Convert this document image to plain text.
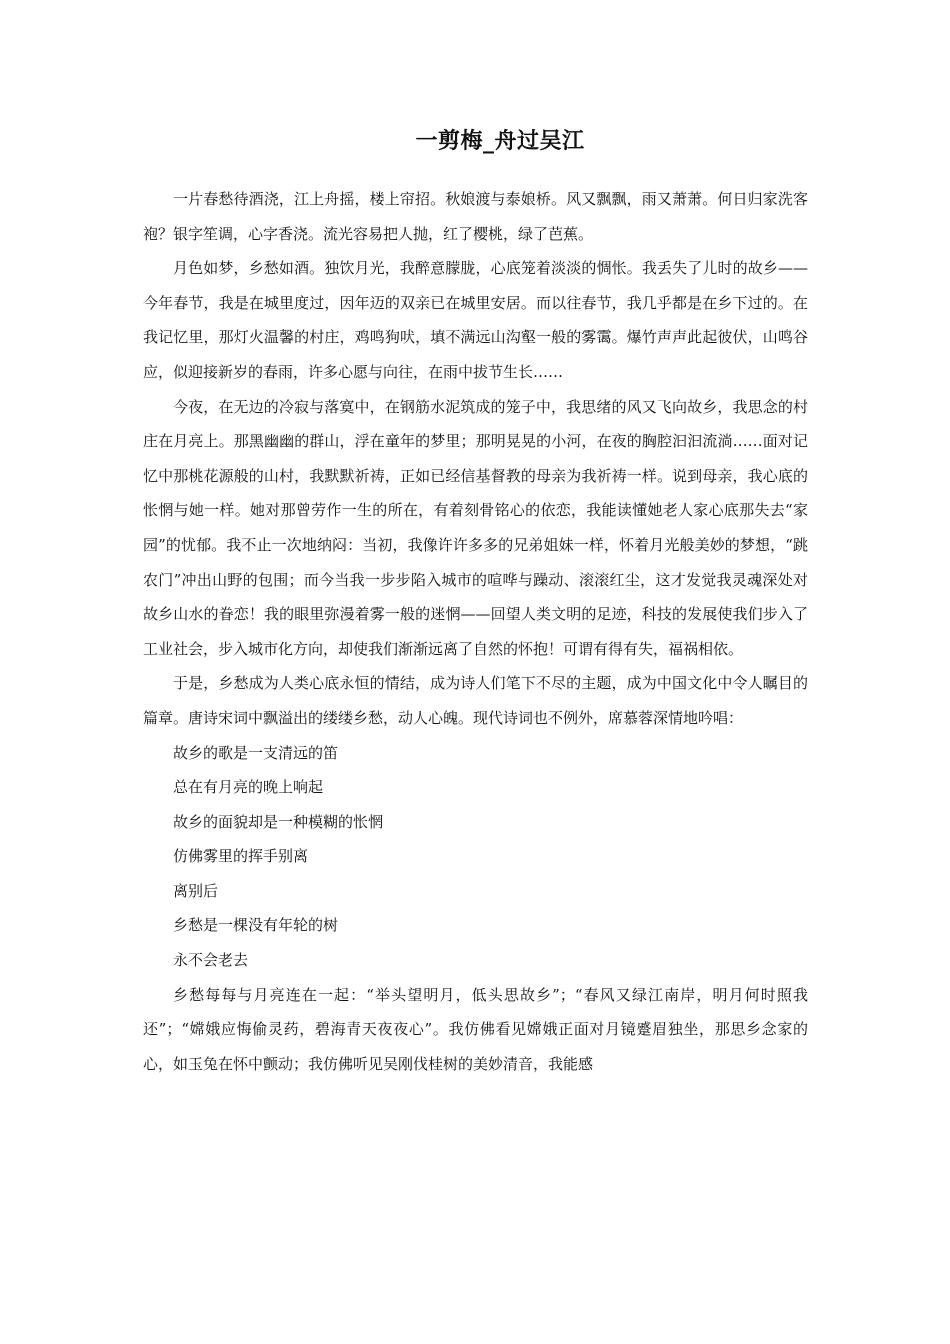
一剪梅_舟过吴江

一片春愁待酒浇，江上舟摇，楼上帘招。秋娘渡与泰娘桥。风又飘飘，雨又萧萧。何日归家洗客袍？银字笙调，心字香浇。流光容易把人抛，红了樱桃，绿了芭蕉。

月色如梦，乡愁如酒。独饮月光，我醉意朦胧，心底笼着淡淡的惆怅。我丢失了儿时的故乡——今年春节，我是在城里度过，因年迈的双亲已在城里安居。而以往春节，我几乎都是在乡下过的。在我记忆里，那灯火温馨的村庄，鸡鸣狗吠，填不满远山沟壑一般的雾霭。爆竹声声此起彼伏，山鸣谷应，似迎接新岁的春雨，许多心愿与向往，在雨中拔节生长……

今夜，在无边的冷寂与落寞中，在钢筋水泥筑成的笼子中，我思绪的风又飞向故乡，我思念的村庄在月亮上。那黑幽幽的群山，浮在童年的梦里；那明晃晃的小河，在夜的胸腔汩汩流淌……面对记忆中那桃花源般的山村，我默默祈祷，正如已经信基督教的母亲为我祈祷一样。说到母亲，我心底的怅惘与她一样。她对那曾劳作一生的所在，有着刻骨铭心的依恋，我能读懂她老人家心底那失去“家园”的忧郁。我不止一次地纳闷：当初，我像许许多多的兄弟姐妹一样，怀着月光般美妙的梦想，“跳农门”冲出山野的包围；而今当我一步步陷入城市的喧哗与躁动、滚滚红尘，这才发觉我灵魂深处对故乡山水的眷恋！我的眼里弥漫着雾一般的迷惘——回望人类文明的足迹，科技的发展使我们步入了工业社会，步入城市化方向，却使我们渐渐远离了自然的怀抱！可谓有得有失，福祸相依。

于是，乡愁成为人类心底永恒的情结，成为诗人们笔下不尽的主题，成为中国文化中令人瞩目的篇章。唐诗宋词中飘溢出的缕缕乡愁，动人心魄。现代诗词也不例外，席慕蓉深情地吟唱：

故乡的歌是一支清远的笛

总在有月亮的晚上响起

故乡的面貌却是一种模糊的怅惘

仿佛雾里的挥手别离

离别后

乡愁是一棵没有年轮的树

永不会老去

乡愁每每与月亮连在一起：“举头望明月，低头思故乡”；“春风又绿江南岸，明月何时照我还”；“嫦娥应悔偷灵药，碧海青天夜夜心”。我仿佛看见嫦娥正面对月镜蹙眉独坐，那思乡念家的心，如玉兔在怀中颤动；我仿佛听见吴刚伐桂树的美妙清音，我能感
